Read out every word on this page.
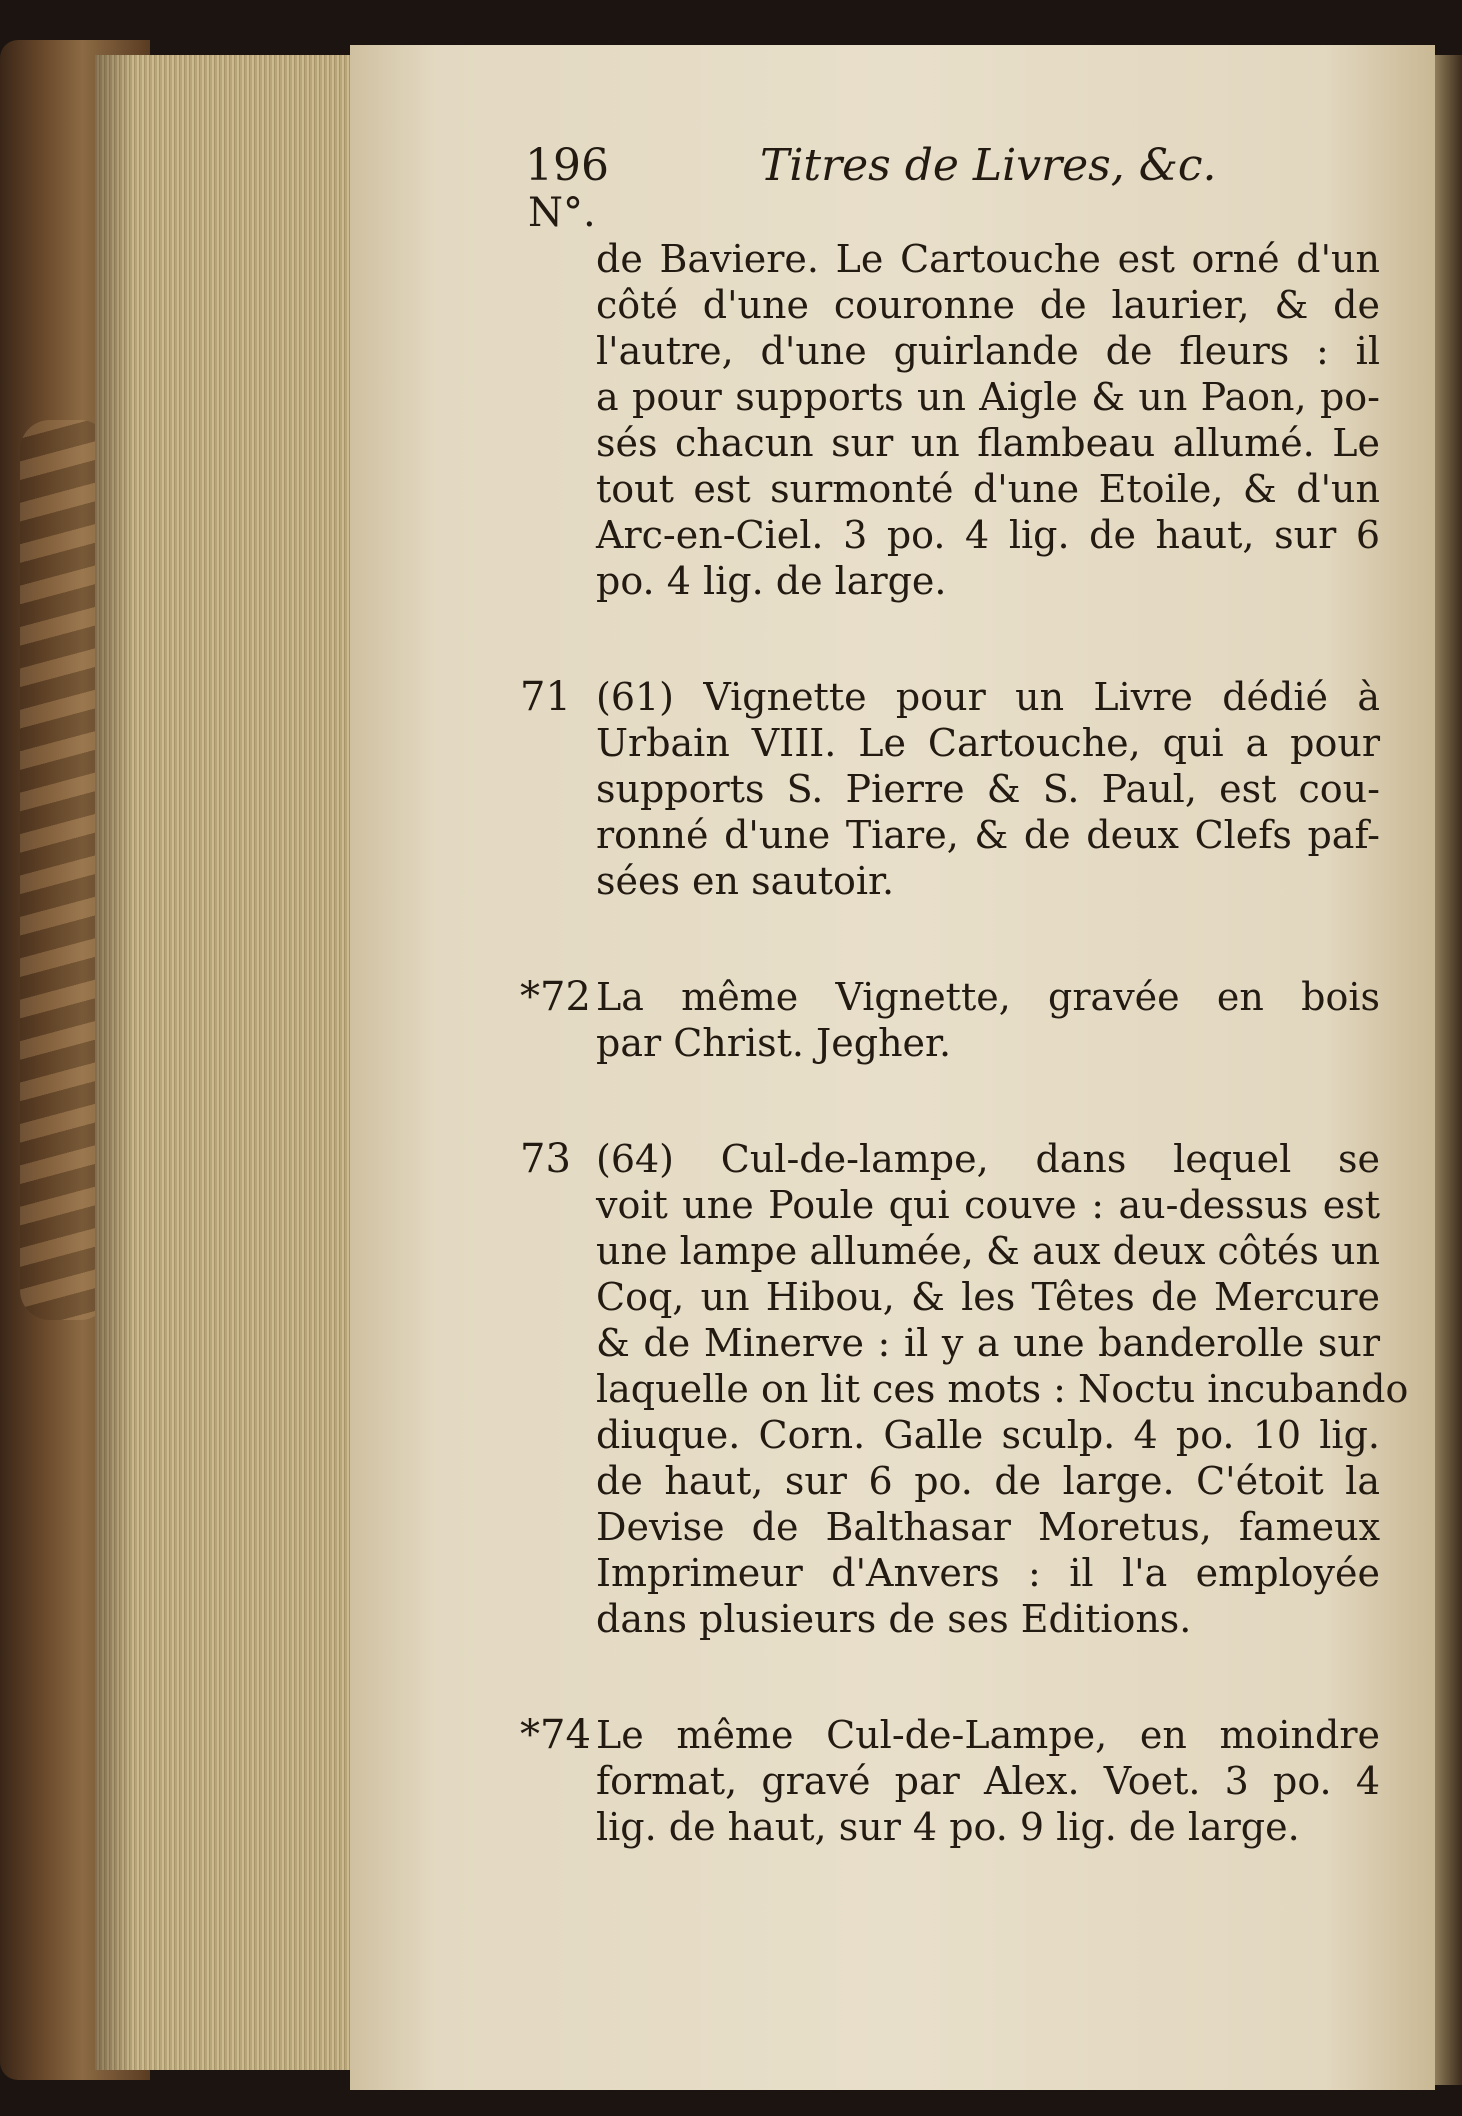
196	Titres de Livres, &c.
N°.
de Baviere. Le Cartouche est orné d'un
côté d'une couronne de laurier, & de
l'autre, d'une guirlande de fleurs : il
a pour supports un Aigle & un Paon, po-
sés chacun sur un flambeau allumé. Le
tout est surmonté d'une Etoile, & d'un
Arc-en-Ciel. 3 po. 4 lig. de haut, sur 6
po. 4 lig. de large.
71 (61) Vignette pour un Livre dédié à
Urbain VIII. Le Cartouche, qui a pour
supports S. Pierre & S. Paul, est cou-
ronné d'une Tiare, & de deux Clefs paf-
sées en sautoir.
*72 La même Vignette, gravée en bois
par Christ. Jegher.
73 (64) Cul-de-lampe, dans lequel se
voit une Poule qui couve : au-dessus est
une lampe allumée, & aux deux côtés un
Coq, un Hibou, & les Têtes de Mercure
& de Minerve : il y a une banderolle sur
laquelle on lit ces mots : Noctu incubando
diuque. Corn. Galle sculp. 4 po. 10 lig.
de haut, sur 6 po. de large. C'étoit la
Devise de Balthasar Moretus, fameux
Imprimeur d'Anvers : il l'a employée
dans plusieurs de ses Editions.
*74 Le même Cul-de-Lampe, en moindre
format, gravé par Alex. Voet. 3 po. 4
lig. de haut, sur 4 po. 9 lig. de large.
